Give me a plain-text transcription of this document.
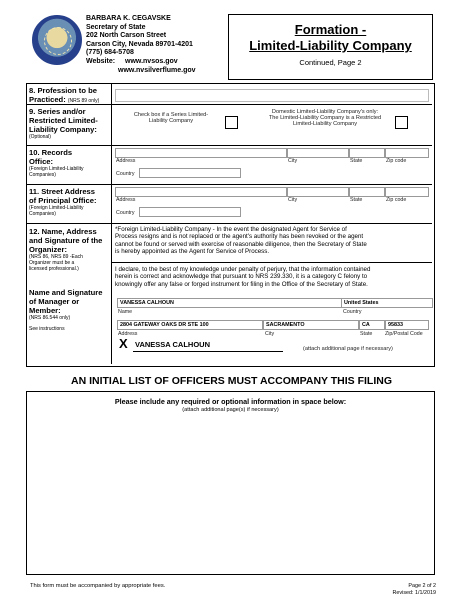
BARBARA K. CEGAVSKE
Secretary of State
202 North Carson Street
Carson City, Nevada 89701-4201
(775) 684-5708
Website: www.nvsos.gov
www.nvsilverflume.gov
Formation -
Limited-Liability Company
Continued, Page 2
8. Profession to be
Practiced: (NRS 89 only)
9. Series and/or
Restricted Limited-
Liability Company:
(Optional)
Check box if a Series Limited-
Liability Company
Domestic Limited-Liability Company's only:
The Limited-Liability Company is a Restricted
Limited-Liability Company
10. Records
Office:
(Foreign Limited-Liability
Companies)
Address	City	State	Zip code
Country
11. Street Address
of Principal Office:
(Foreign Limited-Liability
Companies)
Address	City	State	Zip code
Country
12. Name, Address
and Signature of the
Organizer:
(NRS 86, NRS 89 -Each
Organizer must be a
licensed professional.)
Name and Signature
of Manager or
Member:
(NRS 86.544 only)
See instructions
*Foreign Limited-Liability Company - In the event the designated Agent for Service of
Process resigns and is not replaced or the agent's authority has been revoked or the agent
cannot be found or served with exercise of reasonable diligence, then the Secretary of State
is hereby appointed as the Agent for Service of Process.
I declare, to the best of my knowledge under penalty of perjury, that the information contained
herein is correct and acknowledge that pursuant to NRS 239.330, it is a category C felony to
knowingly offer any false or forged instrument for filing in the Office of the Secretary of State.
VANESSA CALHOUN	United States
Name	Country
2804 GATEWAY OAKS DR STE 100	SACRAMENTO	CA	95833
Address	City	State Zip/Postal Code
X VANESSA CALHOUN	(attach additional page if necessary)
AN INITIAL LIST OF OFFICERS MUST ACCOMPANY THIS FILING
Please include any required or optional information in space below:
(attach additional page(s) if necessary)
This form must be accompanied by appropriate fees.	Page 2 of 2
Revised: 1/1/2019
